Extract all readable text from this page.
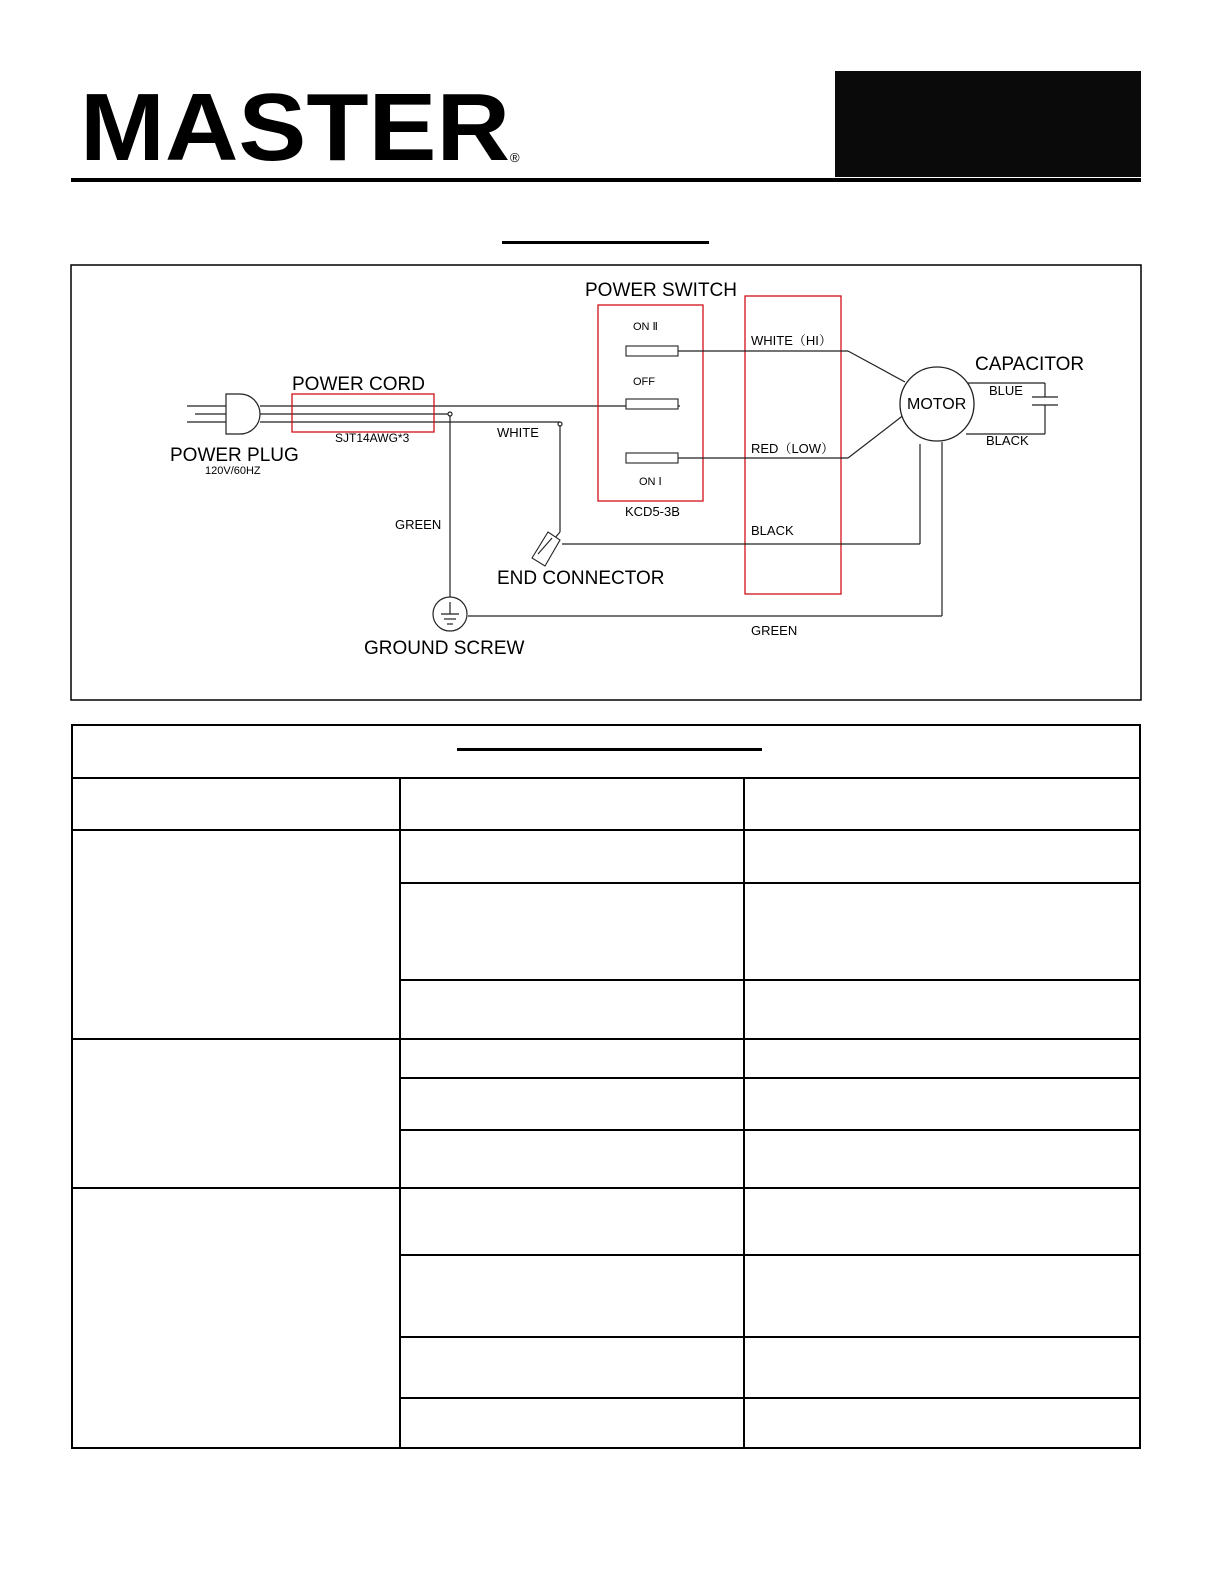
MASTER ®
POWER SWITCH
POWER CORD
SJT14AWG*3
POWER PLUG
120V/60HZ
WHITE
GREEN
END CONNECTOR
GROUND SCREW
ON Ⅱ
OFF
ON Ⅰ
KCD5-3B
WHITE（HI）
RED（LOW）
BLACK
GREEN
MOTOR
CAPACITOR
BLUE
BLACK
